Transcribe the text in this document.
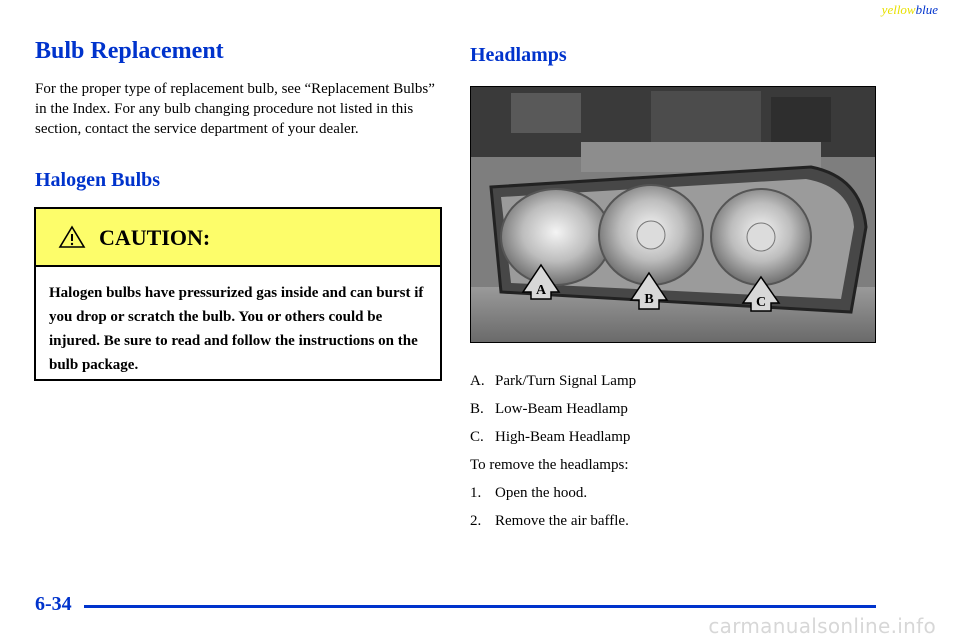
yellowblue
Bulb Replacement

For the proper type of replacement bulb, see “Replacement Bulbs” in the Index. For any bulb changing procedure not listed in this section, contact the service department of your dealer.

Halogen Bulbs
CAUTION:
Halogen bulbs have pressurized gas inside and can burst if you drop or scratch the bulb. You or others could be injured. Be sure to read and follow the instructions on the bulb package.
Headlamps
A
B	C
A. Park/Turn Signal Lamp
B. Low-Beam Headlamp
C. High-Beam Headlamp
To remove the headlamps:
1. Open the hood.
2. Remove the air baffle.
6-34
carmanualsonline.info
